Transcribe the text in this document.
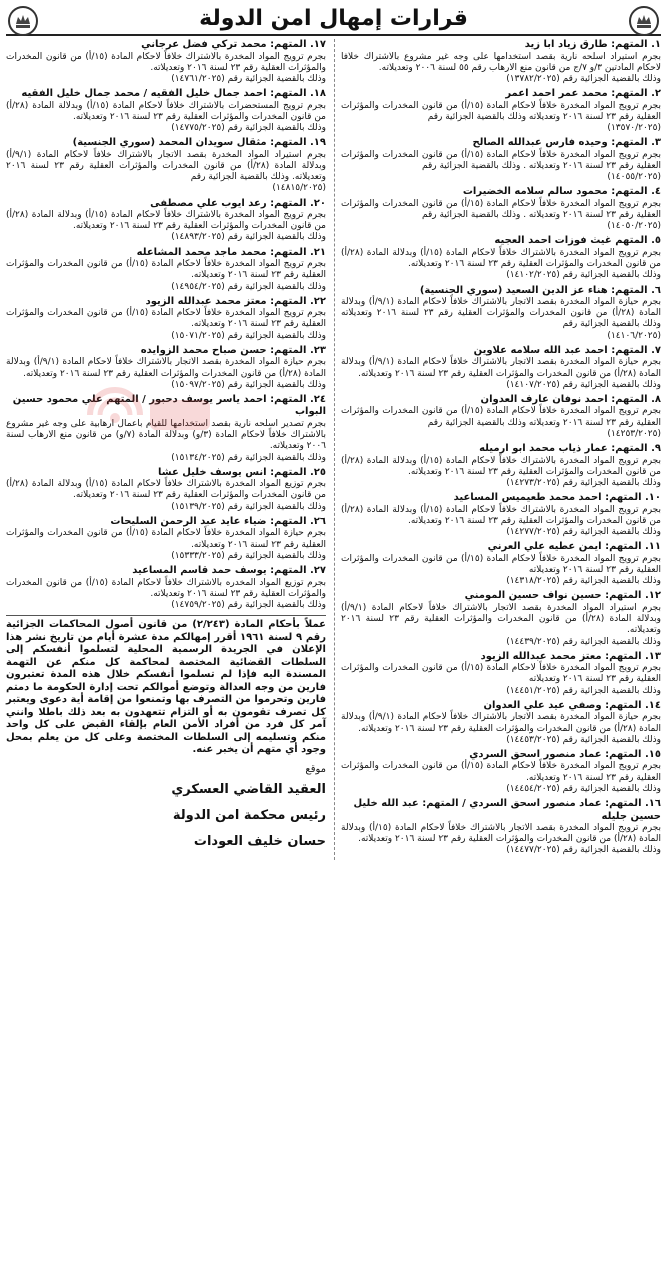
قرارات إمهال امن الدولة
١. المتهم: طارق زياد ابا زيد
بجرم استيراد اسلحه نارية بقصد استخدامها على وجه غير مشروع بالاشتراك خلافا لاحكام المادتين ٣/و ٧/ج من قانون منع الارهاب رقم ٥٥ لسنة ٢٠٠٦ وتعديلاته.
وذلك بالقضية الجزائية رقم (١٣٧٨٢/٢٠٢٥)
٢. المتهم: محمد عمر احمد اعمر
بجرم ترويج المواد المخدرة خلافاً لاحكام المادة (١٥/أ) من قانون المخدرات والمؤثرات العقلية رقم ٢٣ لسنة ٢٠١٦ وتعديلاته وذلك بالقضية الجزائية رقم
(١٣٥٧٠/٢٠٢٥)
٣. المتهم: وحيده فارس عبدالله الصالح
بجرم ترويج المواد المخدرة خلافاً لاحكام المادة (١٥/أ) من قانون المخدرات والمؤثرات العقلية رقم ٢٣ لسنة ٢٠١٦ وتعديلاته . وذلك بالقضية الجزائية رقم
(١٤٠٥٥/٢٠٢٥)
٤. المتهم: محمود سالم سلامه الخضيرات
بجرم ترويج المواد المخدرة خلافاً لاحكام المادة (١٥/أ) من قانون المخدرات والمؤثرات العقلية رقم ٢٣ لسنة ٢٠١٦ وتعديلاته . وذلك بالقضية الجزائية رقم
(١٤٠٥٠/٢٠٢٥)
٥. المتهم غيث فوزات احمد العجيه
بجرم ترويج المواد المخدرة بالاشتراك خلافاً لاحكام المادة (١٥/أ) وبدلالة المادة (٢٨/أ) من قانون المخدرات والمؤثرات العقلية رقم ٢٣ لسنة ٢٠١٦ وتعديلاته.
وذلك بالقضية الجزائية رقم (١٤١٠٢/٢٠٢٥)
٦. المتهم: هناء عز الدين السعيد (سوري الجنسية)
بجرم حيازة المواد المخدرة بقصد الاتجار بالاشتراك خلافاً لاحكام المادة (٩/١/أ) وبدلالة المادة (٢٨/أ) من قانون المخدرات والمؤثرات العقلية رقم ٢٣ لسنة ٢٠١٦ وتعديلاته وذلك بالقضية الجزائية رقم
(١٤١٠٦/٢٠٢٥)
٧. المتهم: احمد عبد الله سلامه علاوين
بجرم حيازة المواد المخدرة بقصد الاتجار بالاشتراك خلافاً لاحكام المادة (٩/١/أ) وبدلالة المادة (٢٨/أ) من قانون المخدرات والمؤثرات العقلية رقم ٢٣ لسنة ٢٠١٦ وتعديلاته.
وذلك بالقضية الجزائية رقم (١٤١٠٧/٢٠٢٥)
٨. المتهم: احمد نوفان عارف العدوان
بجرم ترويج المواد المخدرة خلافاً لاحكام المادة (١٥/أ) من قانون المخدرات والمؤثرات العقلية رقم ٢٣ لسنة ٢٠١٦ وتعديلاته وذلك بالقضية الجزائية رقم
(١٤٢٥٣/٢٠٢٥)
٩. المتهم: عمار ذياب محمد ابو ارميله
بجرم ترويج المواد المخدرة بالاشتراك خلافاً لاحكام المادة (١٥/أ) وبدلالة المادة (٢٨/أ) من قانون المخدرات والمؤثرات العقلية رقم ٢٣ لسنة ٢٠١٦ وتعديلاته.
وذلك بالقضية الجزائية رقم (١٤٢٧٣/٢٠٢٥)
١٠. المتهم: احمد محمد طعيميس المساعيد
بجرم ترويج المواد المخدرة بالاشتراك خلافاً لاحكام المادة (١٥/أ) وبدلالة المادة (٢٨/أ) من قانون المخدرات والمؤثرات العقلية رقم ٢٣ لسنة ٢٠١٦ وتعديلاته.
وذلك بالقضية الجزائية رقم (١٤٢٧٧/٢٠٢٥)
١١. المتهم: ايمن عطيه علي العرني
بجرم ترويج المواد المخدرة خلافاً لاحكام المادة (١٥/أ) من قانون المخدرات والمؤثرات العقلية رقم ٢٣ لسنة ٢٠١٦ وتعديلاته
وذلك بالقضية الجزائية رقم (١٤٣١٨/٢٠٢٥)
١٢. المتهم: حسين نواف حسين المومني
بجرم استيراد المواد المخدرة بقصد الاتجار بالاشتراك خلافاً لاحكام المادة (٩/١/أ) وبدلالة المادة (٢٨/أ) من قانون المخدرات والمؤثرات العقلية رقم ٢٣ لسنة ٢٠١٦ وتعديلاته.
وذلك بالقضية الجزائية رقم (١٤٤٣٩/٢٠٢٥)
١٣. المتهم: معتز محمد عبدالله الزيود
بجرم ترويج المواد المخدرة خلافاً لاحكام المادة (١٥/أ) من قانون المخدرات والمؤثرات العقلية رقم ٢٣ لسنة ٢٠١٦ وتعديلاته
وذلك بالقضية الجزائية رقم (١٤٤٥١/٢٠٢٥)
١٤. المتهم: وصفي عيد علي العدوان
بجرم حيازة المواد المخدرة بقصد الاتجار بالاشتراك خلافاً لاحكام المادة (٩/١/أ) وبدلالة المادة (٢٨/أ) من قانون المخدرات والمؤثرات العقلية رقم ٢٣ لسنة ٢٠١٦ وتعديلاته.
وذلك بالقضية الجزائية رقم (١٤٤٥٣/٢٠٢٥)
١٥. المتهم: عماد منصور اسحق السردي
بجرم ترويج المواد المخدرة خلافاً لاحكام المادة (١٥/أ) من قانون المخدرات والمؤثرات العقلية رقم ٢٣ لسنة ٢٠١٦ وتعديلاته.
وذلك بالقضية الجزائية رقم (١٤٤٥٤/٢٠٢٥)
١٦. المتهم: عماد منصور اسحق السردي / المتهم: عبد الله خليل حسين جليله
بجرم ترويج المواد المخدرة بقصد الاتجار بالاشتراك خلافاً لاحكام المادة (١٥/أ) وبدلالة المادة (٢٨/أ) من قانون المخدرات والمؤثرات العقلية رقم ٢٣ لسنة ٢٠١٦ وتعديلاته.
وذلك بالقضية الجزائية رقم (١٤٤٧٧/٢٠٢٥)
١٧. المتهم: محمد تركي فضل عرجاني
بجرم ترويج المواد المخدرة بالاشتراك خلافاً لاحكام المادة (١٥/أ) من قانون المخدرات والمؤثرات العقلية رقم ٢٣ لسنة ٢٠١٦ وتعديلاته.
وذلك بالقضية الجزائية رقم (١٤٧٦١/٢٠٢٥)
١٨. المتهم: احمد جمال خليل الفقيه / محمد جمال خليل الفقيه
بجرم ترويج المستحضرات بالاشتراك خلافاً لاحكام المادة (١٥/أ) وبدلالة المادة (٢٨/أ) من قانون المخدرات والمؤثرات العقلية رقم ٢٣ لسنة ٢٠١٦ وتعديلاته.
وذلك بالقضية الجزائية رقم (١٤٧٧٥/٢٠٢٥)
١٩. المتهم: مثقال سويدان المحمد (سوري الجنسية)
بجرم استيراد المواد المخدرة بقصد الاتجار بالاشتراك خلافاً لاحكام المادة (٩/١/أ) وبدلالة المادة (٢٨/أ) من قانون المخدرات والمؤثرات العقلية رقم ٢٣ لسنة ٢٠١٦ وتعديلاته. وذلك بالقضية الجزائية رقم
(١٤٨١٥/٢٠٢٥)
٢٠. المتهم: رعد ايوب علي مصطفى
بجرم ترويج المواد المخدرة بالاشتراك خلافاً لاحكام المادة (١٥/أ) وبدلالة المادة (٢٨/أ) من قانون المخدرات والمؤثرات العقلية رقم ٢٣ لسنة ٢٠١٦ وتعديلاته.
وذلك بالقضية الجزائية رقم (١٤٨٩٣/٢٠٢٥)
٢١. المتهم: محمد ماجد محمد المشاعله
بجرم ترويج المواد المخدرة خلافاً لاحكام المادة (١٥/أ) من قانون المخدرات والمؤثرات العقلية رقم ٢٣ لسنة ٢٠١٦ وتعديلاته.
وذلك بالقضية الجزائية رقم (١٤٩٥٤/٢٠٢٥)
٢٢. المتهم: معتز محمد عبدالله الزيود
بجرم ترويج المواد المخدرة خلافاً لاحكام المادة (١٥/أ) من قانون المخدرات والمؤثرات العقلية رقم ٢٣ لسنة ٢٠١٦ وتعديلاته.
وذلك بالقضية الجزائية رقم (١٥٠٧١/٢٠٢٥)
٢٣. المتهم: حسن صباح محمد الزوايده
بجرم حيازة المواد المخدرة بقصد الاتجار بالاشتراك خلافاً لاحكام المادة (٩/١/أ) وبدلالة المادة (٢٨/أ) من قانون المخدرات والمؤثرات العقلية رقم ٢٣ لسنة ٢٠١٦ وتعديلاته.
وذلك بالقضية الجزائية رقم (١٥٠٩٧/٢٠٢٥)
٢٤. المتهم: احمد ياسر يوسف دحبور / المتهم علي محمود حسين البواب
بجرم تصدير اسلحه نارية بقصد استخدامها للقيام باعمال ارهابية على وجه غير مشروع بالاشتراك خلافاً لاحكام المادة (٣/و) وبدلالة المادة (٧/و) من قانون منع الارهاب لسنة ٢٠٠٦ وتعديلاته.
وذلك بالقضية الجزائية رقم (١٥١٣٤/٢٠٢٥)
٢٥. المتهم: انس يوسف خليل عشا
بجرم توزيع المواد المخدرة بالاشتراك خلافاً لاحكام المادة (١٥/أ) وبدلالة المادة (٢٨/أ) من قانون المخدرات والمؤثرات العقلية رقم ٢٣ لسنة ٢٠١٦ وتعديلاته.
وذلك بالقضية الجزائية رقم (١٥١٣٩/٢٠٢٥)
٢٦. المتهم: ضياء عايد عبد الرحمن السليحات
بجرم حيازة المواد المخدرة خلافاً لاحكام المادة (١٥/أ) من قانون المخدرات والمؤثرات العقلية رقم ٢٣ لسنة ٢٠١٦ وتعديلاته.
وذلك بالقضية الجزائية رقم (١٥٣٣٣/٢٠٢٥)
٢٧. المتهم: يوسف حمد قاسم المساعيد
بجرم توزيع المواد المخدره بالاشتراك خلافاً لاحكام المادة (١٥/أ) من قانون المخدرات والمؤثرات العقلية رقم ٢٣ لسنة ٢٠١٦ وتعديلاته.
وذلك بالقضية الجزائية رقم (١٤٧٥٩/٢٠٢٥)
عملاً بأحكام المادة (٢/٢٤٣) من قانون أصول المحاكمات الجزائية رقم ٩ لسنة ١٩٦١ أقرر إمهالكم مدة عشرة أيام من تاريخ نشر هذا الإعلان في الجريدة الرسمية المحلية لتسلموا أنفسكم إلى السلطات القضائية المختصة لمحاكمة كل منكم عن التهمة المسندة اليه فإذا لم تسلموا أنفسكم خلال هذه المدة تعتبرون فارين من وجه العدالة وتوضع أموالكم تحت إدارة الحكومة ما دمتم فارين وتحرموا من التصرف بها وتمنعوا من إقامة أية دعوى ويعتبر كل تصرف تقومون به أو التزام تتعهدون به بعد ذلك باطلا وانني آمر كل فرد من أفراد الأمن العام بإلقاء القبض على كل واحد منكم وتسليمه إلى السلطات المختصة وعلى كل من يعلم بمحل وجود أي متهم أن يخبر عنه.
موقع
العقيد القاضي العسكري
رئيس محكمة امن الدولة
حسان خليف العودات
